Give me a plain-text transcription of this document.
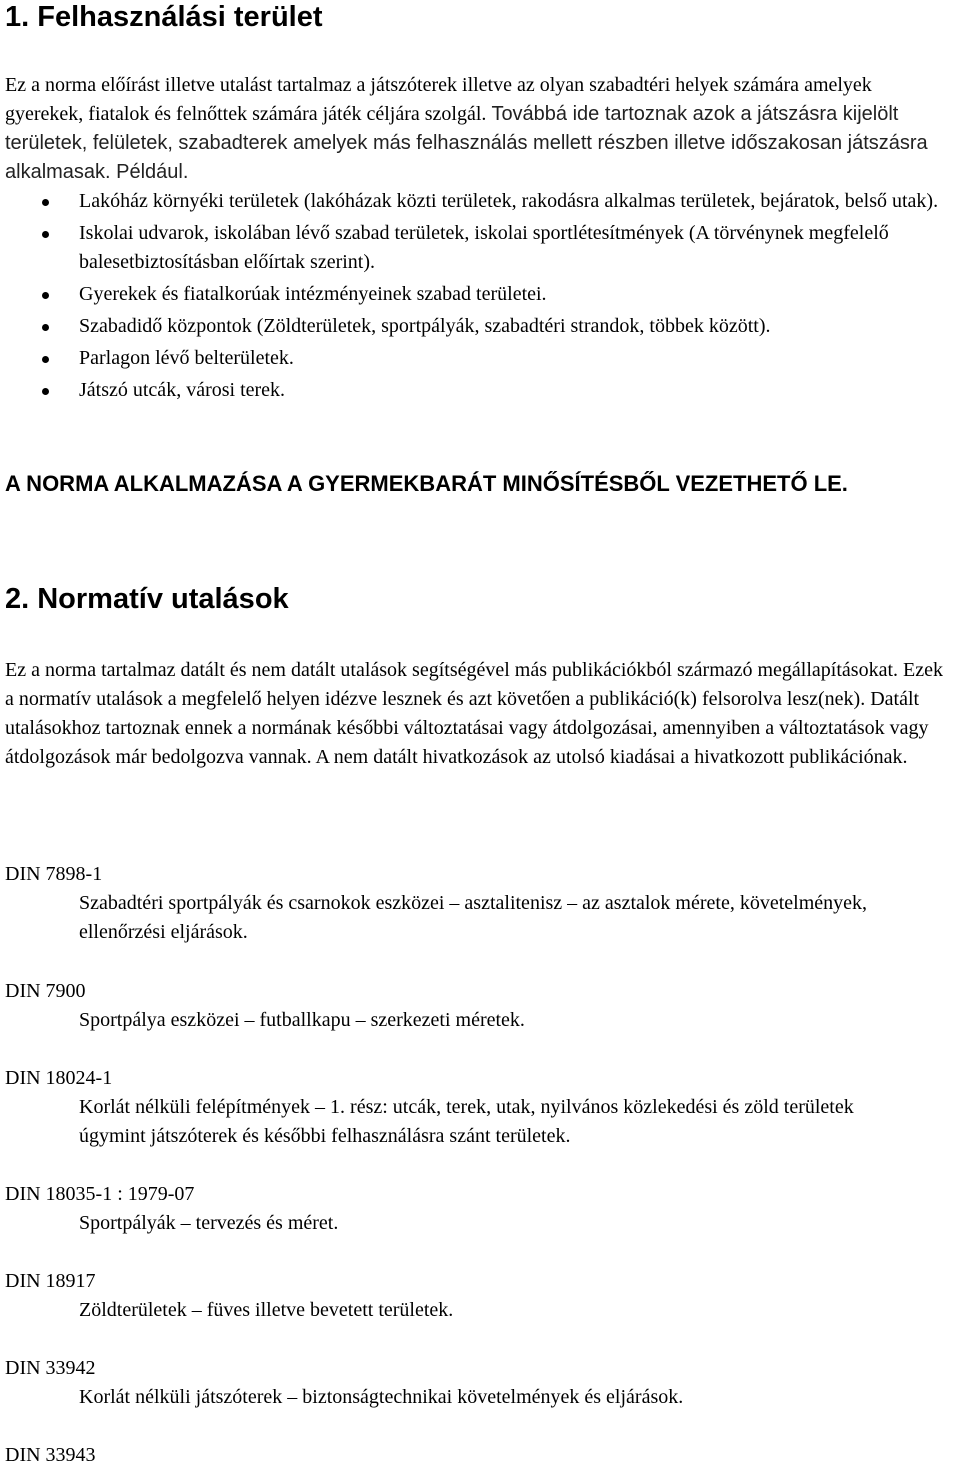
1. Felhasználási terület

Ez a norma előírást illetve utalást tartalmaz a játszóterek illetve az olyan szabadtéri helyek számára amelyek gyerekek, fiatalok és felnőttek számára játék céljára szolgál. Továbbá ide tartoznak azok a játszásra kijelölt területek, felületek, szabadterek amelyek más felhasználás mellett részben illetve időszakosan játszásra alkalmasak. Például.

Lakóház környéki területek (lakóházak közti területek, rakodásra alkalmas területek, bejáratok, belső utak).
Iskolai udvarok, iskolában lévő szabad területek, iskolai sportlétesítmények (A törvénynek megfelelő balesetbiztosításban előírtak szerint).
Gyerekek és fiatalkorúak intézményeinek szabad területei.
Szabadidő központok (Zöldterületek, sportpályák, szabadtéri strandok, többek között).
Parlagon lévő belterületek.
Játszó utcák, városi terek.

A NORMA ALKALMAZÁSA A GYERMEKBARÁT MINŐSÍTÉSBŐL VEZETHETŐ LE.

2. Normatív utalások

Ez a norma tartalmaz datált és nem datált utalások segítségével más publikációkból származó megállapításokat. Ezek a normatív utalások a megfelelő helyen idézve lesznek és azt követően a publikáció(k) felsorolva lesz(nek). Datált utalásokhoz tartoznak ennek a normának későbbi változtatásai vagy átdolgozásai, amennyiben a változtatások vagy átdolgozások már bedolgozva vannak. A nem datált hivatkozások az utolsó kiadásai a hivatkozott publikációnak.

DIN 7898-1

Szabadtéri sportpályák és csarnokok eszközei – asztalitenisz – az asztalok mérete, követelmények, ellenőrzési eljárások.

DIN 7900

Sportpálya eszközei – futballkapu – szerkezeti méretek.

DIN 18024-1

Korlát nélküli felépítmények – 1. rész: utcák, terek, utak, nyilvános közlekedési és zöld területek úgymint játszóterek és későbbi felhasználásra szánt területek.

DIN 18035-1 : 1979-07

Sportpályák – tervezés és méret.

DIN 18917

Zöldterületek – füves illetve bevetett területek.

DIN 33942

Korlát nélküli játszóterek – biztonságtechnikai követelmények és eljárások.

DIN 33943
